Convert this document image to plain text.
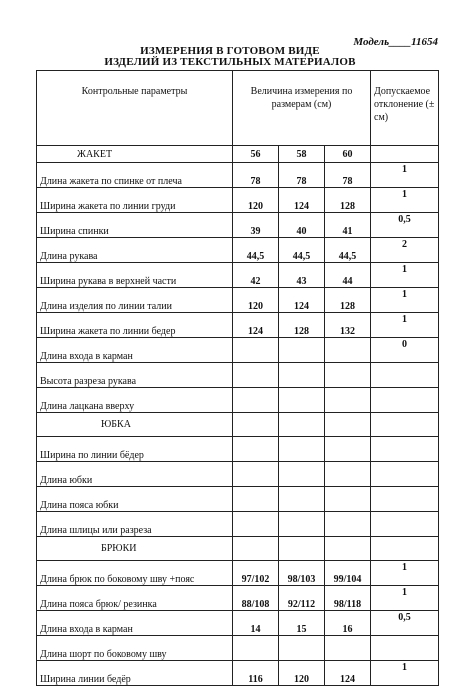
Модель____11654
ИЗМЕРЕНИЯ В ГОТОВОМ ВИДЕ
ИЗДЕЛИЙ ИЗ ТЕКСТИЛЬНЫХ МАТЕРИАЛОВ
Контрольные параметры	Величина измерения по размерам (см)			Допускаемое отклонение (± см)
ЖАКЕТ	56	58	60	
Длина жакета по спинке от плеча	78	78	78	1
Ширина жакета по линии груди	120	124	128	1
Ширина спинки	39	40	41	0,5
Длина рукава	44,5	44,5	44,5	2
Ширина рукава в верхней части	42	43	44	1
Длина изделия по линии талии	120	124	128	1
Ширина жакета по линии бедер	124	128	132	1
Длина входа в карман				0
Высота разреза рукава				
Длина лацкана вверху				
ЮБКА				
Ширина по линии бёдер				
Длина юбки				
Длина пояса юбки				
Длина шлицы или разреза				
БРЮКИ				
Длина брюк по боковому шву +пояс	97/102	98/103	99/104	1
Длина пояса брюк/ резинка	88/108	92/112	98/118	1
Длина входа в карман	14	15	16	0,5
Длина шорт по боковому шву				
Ширина линии бедёр	116	120	124	1
